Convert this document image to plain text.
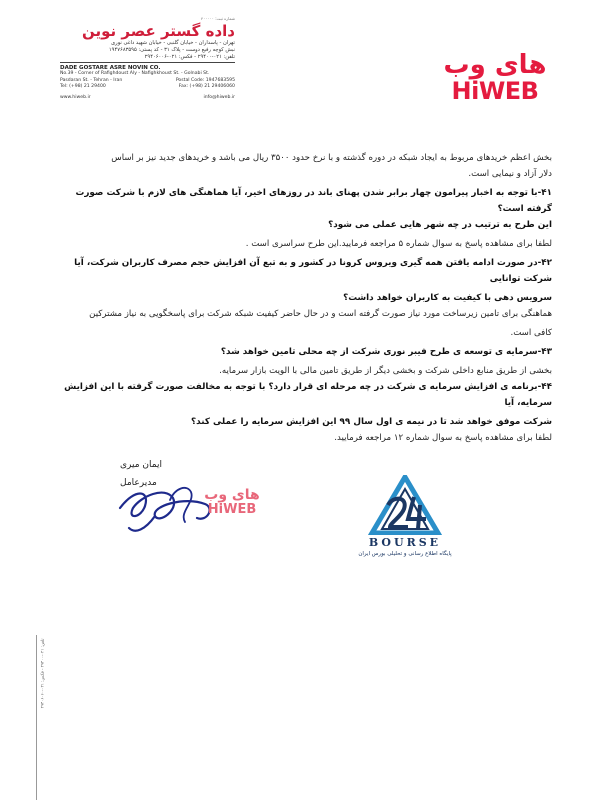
شماره ثبت: ۴۰۰۰۰۰
داده گستر عصر نوین
تهران - پاسداران - خیابان گلنبی - خیابان شهید داغی نوری
نبش کوچه رفیع دوست - پلاک ۳۱ - کد پستی: ۱۹۴۷۶۸۳۵۹۵
تلفن: ۰۲۱-۲۹۴۰۰ - فکس: ۰۲۱-۲۹۴۰۶۰۰۶
DADE GOSTARE ASRE NOVIN CO.
No.39 - Corner of Rafighdoust Aly - Nafighkhoust St. - Golnabi St.
Pasdaran St. - Tehran - Iran	Postal Code: 1947683595
Tel: (+98) 21 29400	Fax: (+98) 21 29406060
www.hiweb.ir	info@hiweb.ir
های وب
HiWEB

بخش اعظم خریدهای مربوط به ایجاد شبکه در دوره گذشته و با نرخ حدود ۳۵۰۰ ریال می باشد و خریدهای جدید نیز بر اساس

دلار آزاد و نیمایی است.

۴۱-با توجه به اخبار پیرامون چهار برابر شدن پهنای باند در روزهای اخیر، آیا هماهنگی های لازم با شرکت صورت گرفته است؟

این طرح به ترتیب در چه شهر هایی عملی می شود؟

لطفا برای مشاهده پاسخ به سوال شماره ۵ مراجعه فرمایید.این طرح سراسری است .

۴۲-در صورت ادامه یافتن همه گیری ویروس کرونا در کشور و به تبع آن افزایش حجم مصرف کاربران شرکت، آیا شرکت توانایی

سرویس دهی با کیفیت به کاربران خواهد داشت؟

هماهنگی برای تامین زیرساخت مورد نیاز صورت گرفته است و در حال حاضر کیفیت شبکه شرکت برای پاسخگویی به نیاز مشترکین

کافی است.

۴۳-سرمایه ی توسعه ی طرح فیبر نوری شرکت از چه محلی تامین خواهد شد؟

بخشی از طریق منابع داخلی شرکت و بخشی دیگر از طریق تامین مالی با الویت بازار سرمایه.

۴۴-برنامه ی افزایش سرمایه ی شرکت در چه مرحله ای قرار دارد؟ با توجه به مخالفت صورت گرفته با این افزایش سرمایه، آیا

شرکت موفق خواهد شد تا در نیمه ی اول سال ۹۹ این افزایش سرمایه را عملی کند؟

لطفا برای مشاهده پاسخ به سوال شماره ۱۲ مراجعه فرمایید.

ایمان میری
مدیرعامل
های وب
HiWEB
BOURSE
پایگاه اطلاع رسانی و تحلیلی بورس ایران
تلفن: ۰۲۱-۲۹۴۰۰ - فکس: ۰۲۱-۲۹۴۰۶۰۶۰
